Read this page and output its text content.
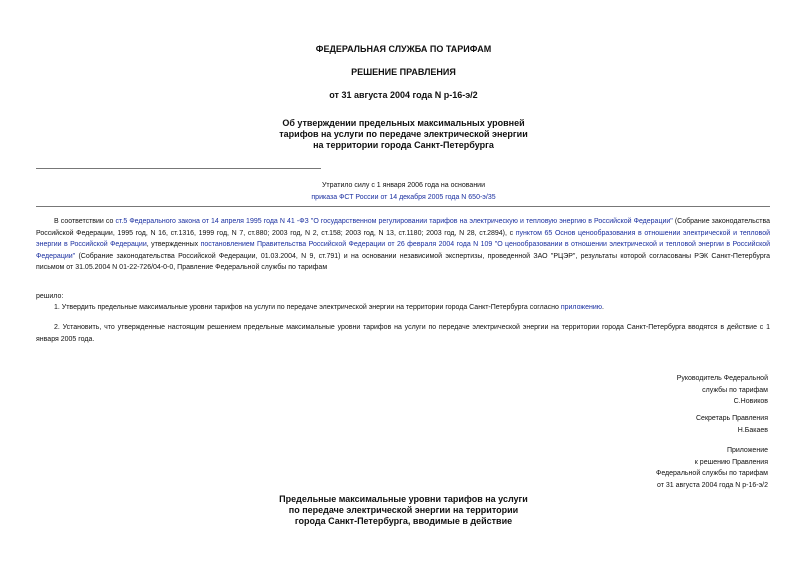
ФЕДЕРАЛЬНАЯ СЛУЖБА ПО ТАРИФАМ
РЕШЕНИЕ ПРАВЛЕНИЯ
от 31 августа 2004 года N р-16-э/2
Об утверждении предельных максимальных уровней
тарифов на услуги по передаче электрической энергии
на территории города Санкт-Петербурга
Утратило силу с 1 января 2006 года на основании
приказа ФСТ России от 14 декабря 2005 года N 650-э/35
В соответствии со ст.5 Федерального закона от 14 апреля 1995 года N 41 -ФЗ "О государственном регулировании тарифов на электрическую и тепловую энергию в Российской Федерации" (Собрание законодательства Российской Федерации, 1995 год, N 16, ст.1316, 1999 год, N 7, ст.880; 2003 год, N 2, ст.158; 2003 год, N 13, ст.1180; 2003 год, N 28, ст.2894), с пунктом 65 Основ ценообразования в отношении электрической и тепловой энергии в Российской Федерации, утвержденных постановлением Правительства Российской Федерации от 26 февраля 2004 года N 109 "О ценообразовании в отношении электрической и тепловой энергии в Российской Федерации" (Собрание законодательства Российской Федерации, 01.03.2004, N 9, ст.791) и на основании независимой экспертизы, проведенной ЗАО "РЦЭР", результаты которой согласованы РЭК Санкт-Петербурга письмом от 31.05.2004 N 01-22-726/04-0-0, Правление Федеральной службы по тарифам
решило:
1. Утвердить предельные максимальные уровни тарифов на услуги по передаче электрической энергии на территории города Санкт-Петербурга согласно приложению.
2. Установить, что утвержденные настоящим решением предельные максимальные уровни тарифов на услуги по передаче электрической энергии на территории города Санкт-Петербурга вводятся в действие с 1 января 2005 года.
Руководитель Федеральной
службы по тарифам
С.Новиков
Секретарь Правления
Н.Бакаев
Приложение
к решению Правления
Федеральной службы по тарифам
от 31 августа 2004 года N р-16-э/2
Предельные максимальные уровни тарифов на услуги
по передаче электрической энергии на территории
города Санкт-Петербурга, вводимые в действие
